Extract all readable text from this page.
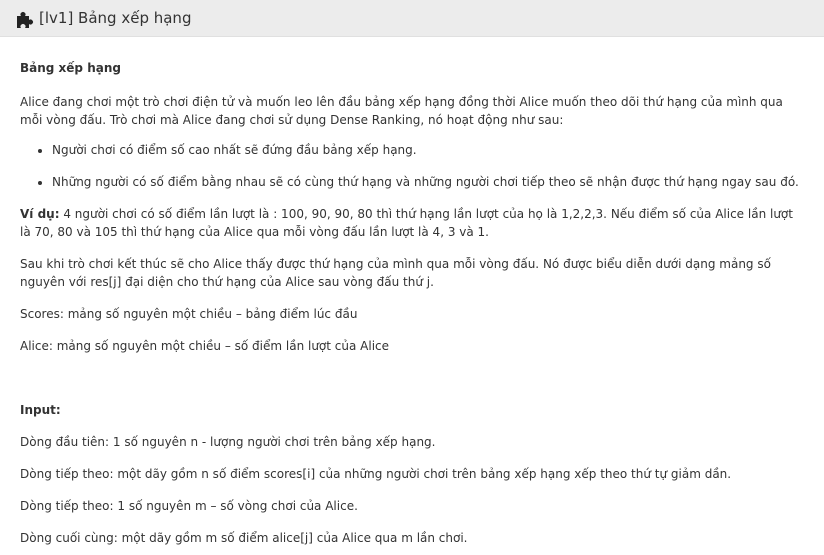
[lv1] Bảng xếp hạng

Bảng xếp hạng

Alice đang chơi một trò chơi điện tử và muốn leo lên đầu bảng xếp hạng đồng thời Alice muốn theo dõi thứ hạng của mình qua mỗi vòng đấu. Trò chơi mà Alice đang chơi sử dụng Dense Ranking, nó hoạt động như sau:

• Người chơi có điểm số cao nhất sẽ đứng đầu bảng xếp hạng.
• Những người có số điểm bằng nhau sẽ có cùng thứ hạng và những người chơi tiếp theo sẽ nhận được thứ hạng ngay sau đó.

Ví dụ: 4 người chơi có số điểm lần lượt là : 100, 90, 90, 80 thì thứ hạng lần lượt của họ là 1,2,2,3. Nếu điểm số của Alice lần lượt là 70, 80 và 105 thì thứ hạng của Alice qua mỗi vòng đấu lần lượt là 4, 3 và 1.

Sau khi trò chơi kết thúc sẽ cho Alice thấy được thứ hạng của mình qua mỗi vòng đấu. Nó được biểu diễn dưới dạng mảng số nguyên với res[j] đại diện cho thứ hạng của Alice sau vòng đấu thứ j.

Scores: mảng số nguyên một chiều – bảng điểm lúc đầu

Alice: mảng số nguyên một chiều – số điểm lần lượt của Alice

Input:

Dòng đầu tiên: 1 số nguyên n - lượng người chơi trên bảng xếp hạng.

Dòng tiếp theo: một dãy gồm n số điểm scores[i] của những người chơi trên bảng xếp hạng xếp theo thứ tự giảm dần.

Dòng tiếp theo: 1 số nguyên m – số vòng chơi của Alice.

Dòng cuối cùng: một dãy gồm m số điểm alice[j] của Alice qua m lần chơi.
